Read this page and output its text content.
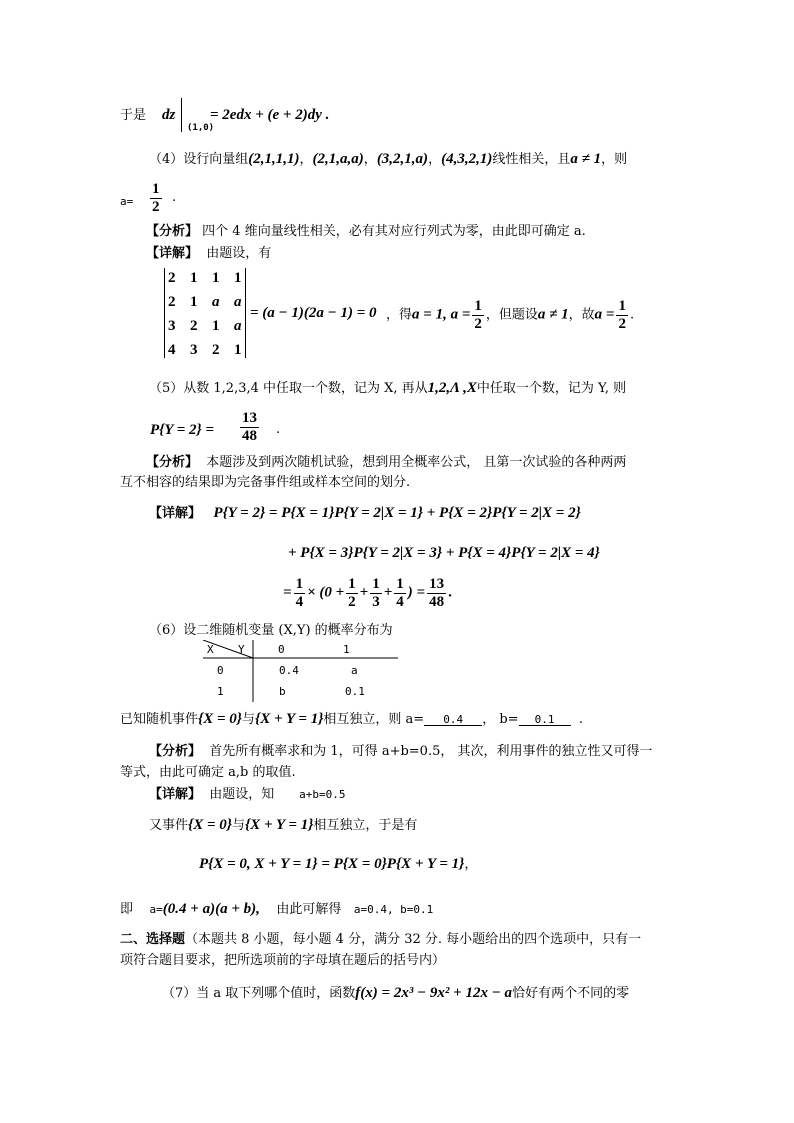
于是 dz
(1,0)
= 2edx + (e + 2)dy .
（4）设行向量组(2,1,1,1)，(2,1,a,a)，(3,2,1,a)，(4,3,2,1)线性相关，且a ≠ 1，则
$a= \frac{1}{2}$ .
【分析】 四个 4 维向量线性相关，必有其对应行列式为零，由此即可确定 a.
【详解】 由题设，有
2 1 1 1
2 1 a a
3 2 1 a
4 3 2 1
= (a − 1)(2a − 1) = 0 ，得a = 1, $a = \frac{1}{2}$ ，但题设a ≠ 1，故$a = \frac{1}{2}$ .
（5）从数 1,2,3,4 中任取一个数，记为 X, 再从1,2,Λ ,X中任取一个数，记为 Y, 则
$P\{Y = 2\} = \frac{13}{48}$ .
【分析】 本题涉及到两次随机试验，想到用全概率公式， 且第一次试验的各种两两
互不相容的结果即为完备事件组或样本空间的划分.
【详解】 P{Y = 2} = P{X = 1}P{Y = 2|X = 1} + P{X = 2}P{Y = 2|X = 2}
+ P{X = 3}P{Y = 2|X = 3} + P{X = 4}P{Y = 2|X = 4}
= $\frac{1}{4} \times (0 + \frac{1}{2} + \frac{1}{3} + \frac{1}{4}$ ) = $\frac{13}{48}$ .
（6）设二维随机变量 (X,Y) 的概率分布为
X Y	0	1
0	0.4	a
1	b	0.1
已知随机事件{X = 0}与{X + Y = 1}相互独立，则 a= 0.4 ， b= 0.1 .
【分析】 首先所有概率求和为 1，可得 a+b=0.5， 其次，利用事件的独立性又可得一
等式，由此可确定 a,b 的取值.
【详解】 由题设，知 a+b=0.5
又事件{X = 0}与{X + Y = 1}相互独立，于是有
P{X = 0, X + Y = 1} = P{X = 0}P{X + Y = 1}，
即 a=(0.4 + a)(a + b), 由此可解得 a=0.4, b=0.1
二、选择题（本题共 8 小题，每小题 4 分，满分 32 分. 每小题给出的四个选项中，只有一
项符合题目要求，把所选项前的字母填在题后的括号内）
（7）当 a 取下列哪个值时，函数f(x) = 2x³ − 9x² + 12x − a恰好有两个不同的零
